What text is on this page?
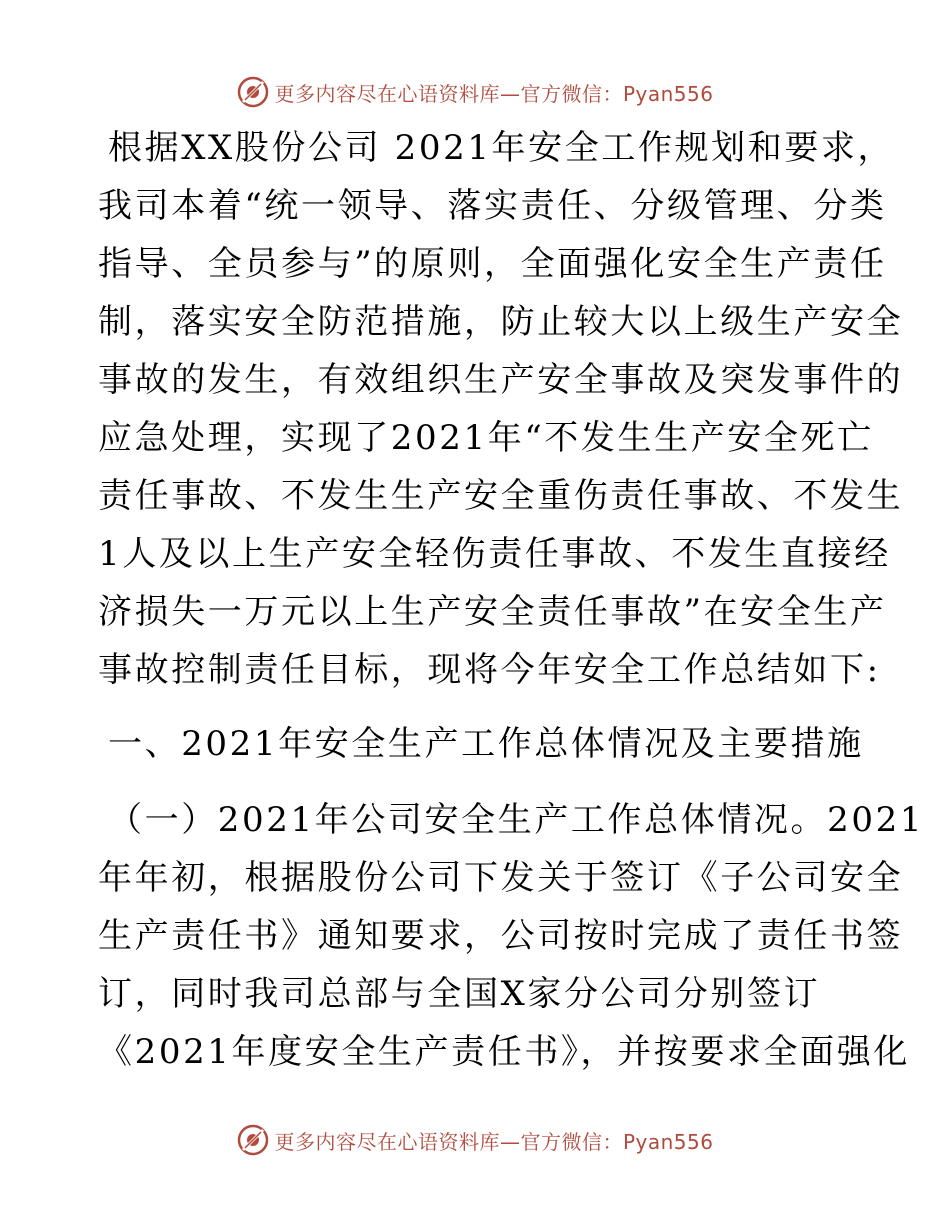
更多内容尽在心语资料库—官方微信：Pyan556
根据XX股份公司 2021年安全工作规划和要求，
我司本着“统一领导、落实责任、分级管理、分类
指导、全员参与”的原则，全面强化安全生产责任
制，落实安全防范措施，防止较大以上级生产安全
事故的发生，有效组织生产安全事故及突发事件的
应急处理，实现了2021年“不发生生产安全死亡
责任事故、不发生生产安全重伤责任事故、不发生
1人及以上生产安全轻伤责任事故、不发生直接经
济损失一万元以上生产安全责任事故”在安全生产
事故控制责任目标，现将今年安全工作总结如下:
一、2021年安全生产工作总体情况及主要措施
（一）2021年公司安全生产工作总体情况。2021
年年初，根据股份公司下发关于签订《子公司安全
生产责任书》通知要求，公司按时完成了责任书签
订，同时我司总部与全国X家分公司分别签订
《2021年度安全生产责任书》，并按要求全面强化
更多内容尽在心语资料库—官方微信：Pyan556
